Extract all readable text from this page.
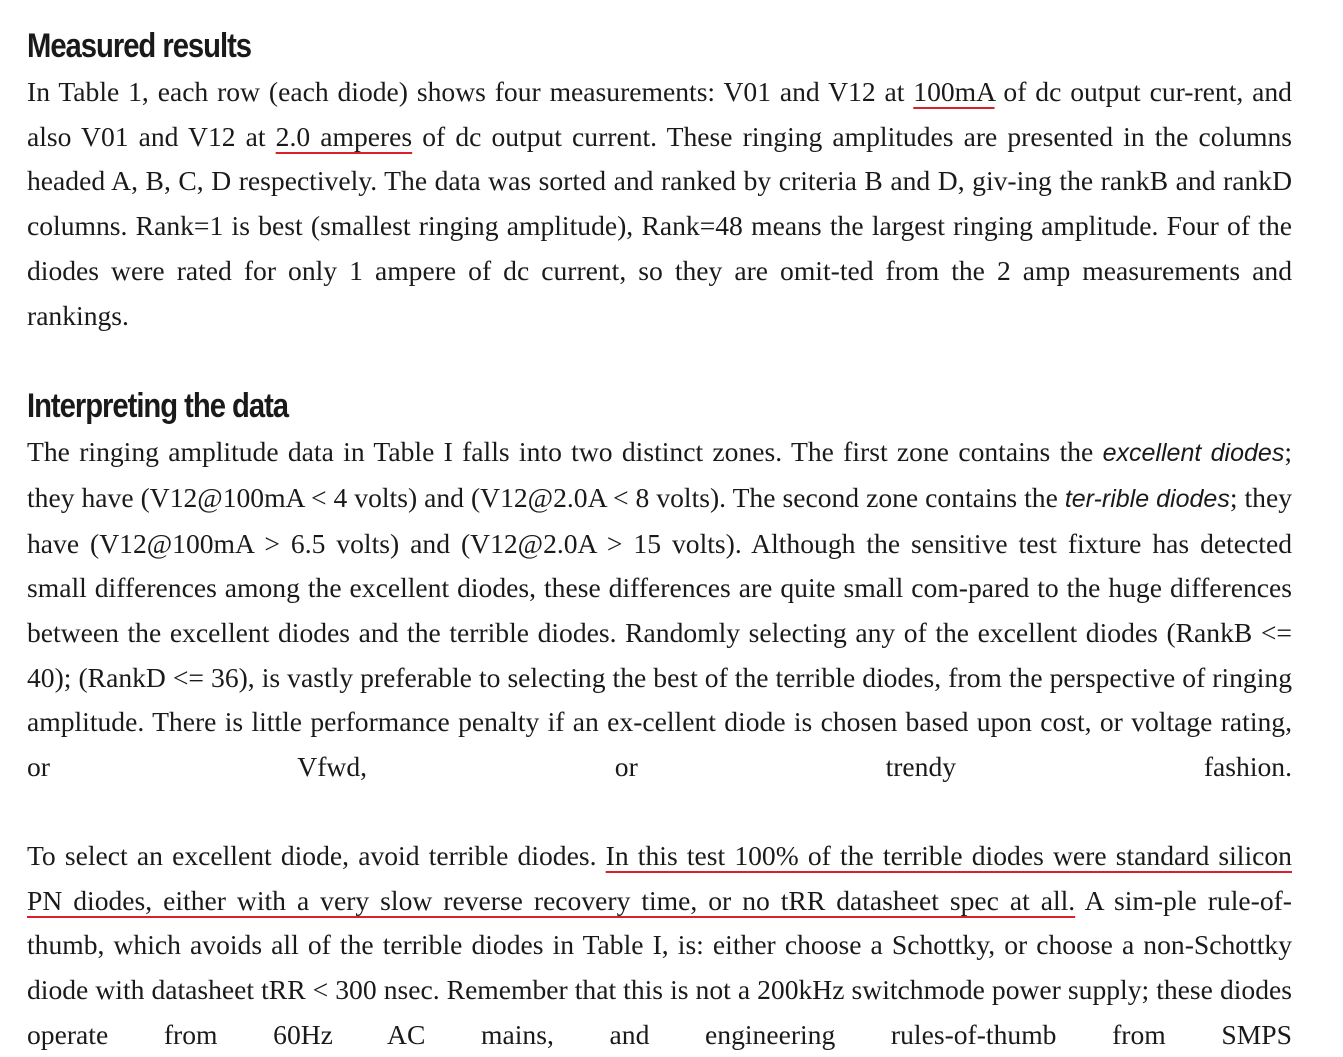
Measured results

In Table 1, each row (each diode) shows four measurements: V01 and V12 at 100mA of dc output cur-rent, and also V01 and V12 at 2.0 amperes of dc output current. These ringing amplitudes are presented in the columns headed A, B, C, D respectively. The data was sorted and ranked by criteria B and D, giv-ing the rankB and rankD columns. Rank=1 is best (smallest ringing amplitude), Rank=48 means the largest ringing amplitude. Four of the diodes were rated for only 1 ampere of dc current, so they are omit-ted from the 2 amp measurements and rankings.

Interpreting the data

The ringing amplitude data in Table I falls into two distinct zones. The first zone contains the excellent diodes; they have (V12@100mA < 4 volts) and (V12@2.0A < 8 volts). The second zone contains the ter-rible diodes; they have (V12@100mA > 6.5 volts) and (V12@2.0A > 15 volts). Although the sensitive test fixture has detected small differences among the excellent diodes, these differences are quite small com-pared to the huge differences between the excellent diodes and the terrible diodes. Randomly selecting any of the excellent diodes (RankB <= 40); (RankD <= 36), is vastly preferable to selecting the best of the terrible diodes, from the perspective of ringing amplitude. There is little performance penalty if an ex-cellent diode is chosen based upon cost, or voltage rating, or Vfwd, or trendy fashion.

To select an excellent diode, avoid terrible diodes. In this test 100% of the terrible diodes were standard silicon PN diodes, either with a very slow reverse recovery time, or no tRR datasheet spec at all. A sim-ple rule-of-thumb, which avoids all of the terrible diodes in Table I, is: either choose a Schottky, or choose a non-Schottky diode with datasheet tRR < 300 nsec. Remember that this is not a 200kHz switchmode power supply; these diodes operate from 60Hz AC mains, and engineering rules-of-thumb from SMPS
